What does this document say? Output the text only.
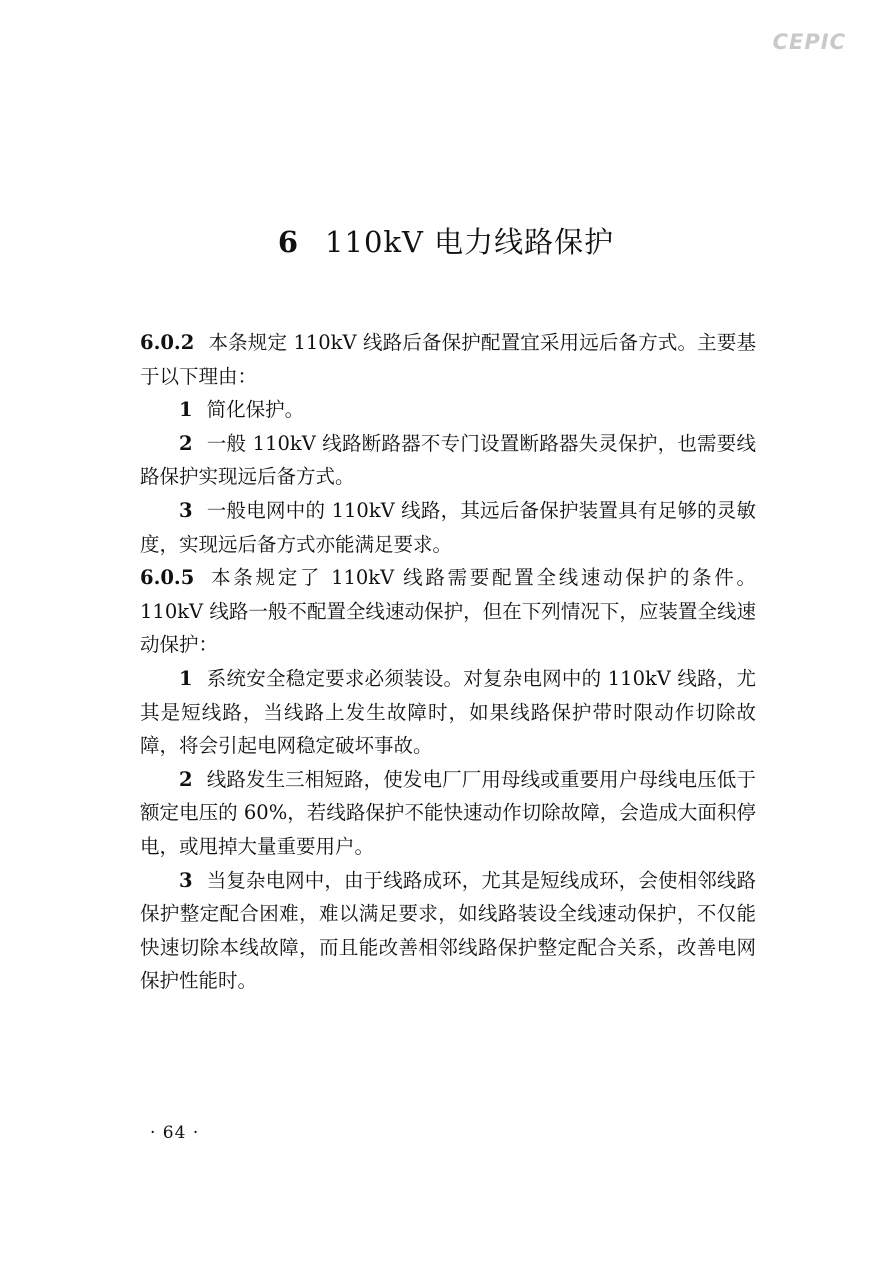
CEPIC
6 110kV 电力线路保护

6.0.2 本条规定 110kV 线路后备保护配置宜采用远后备方式。主要基于以下理由：

1 简化保护。

2 一般 110kV 线路断路器不专门设置断路器失灵保护，也需要线路保护实现远后备方式。

3 一般电网中的 110kV 线路，其远后备保护装置具有足够的灵敏度，实现远后备方式亦能满足要求。

6.0.5 本条规定了 110kV 线路需要配置全线速动保护的条件。110kV 线路一般不配置全线速动保护，但在下列情况下，应装置全线速动保护：

1 系统安全稳定要求必须装设。对复杂电网中的 110kV 线路，尤其是短线路，当线路上发生故障时，如果线路保护带时限动作切除故障，将会引起电网稳定破坏事故。

2 线路发生三相短路，使发电厂厂用母线或重要用户母线电压低于额定电压的 60%，若线路保护不能快速动作切除故障，会造成大面积停电，或甩掉大量重要用户。

3 当复杂电网中，由于线路成环，尤其是短线成环，会使相邻线路保护整定配合困难，难以满足要求，如线路装设全线速动保护，不仅能快速切除本线故障，而且能改善相邻线路保护整定配合关系，改善电网保护性能时。

· 64 ·
